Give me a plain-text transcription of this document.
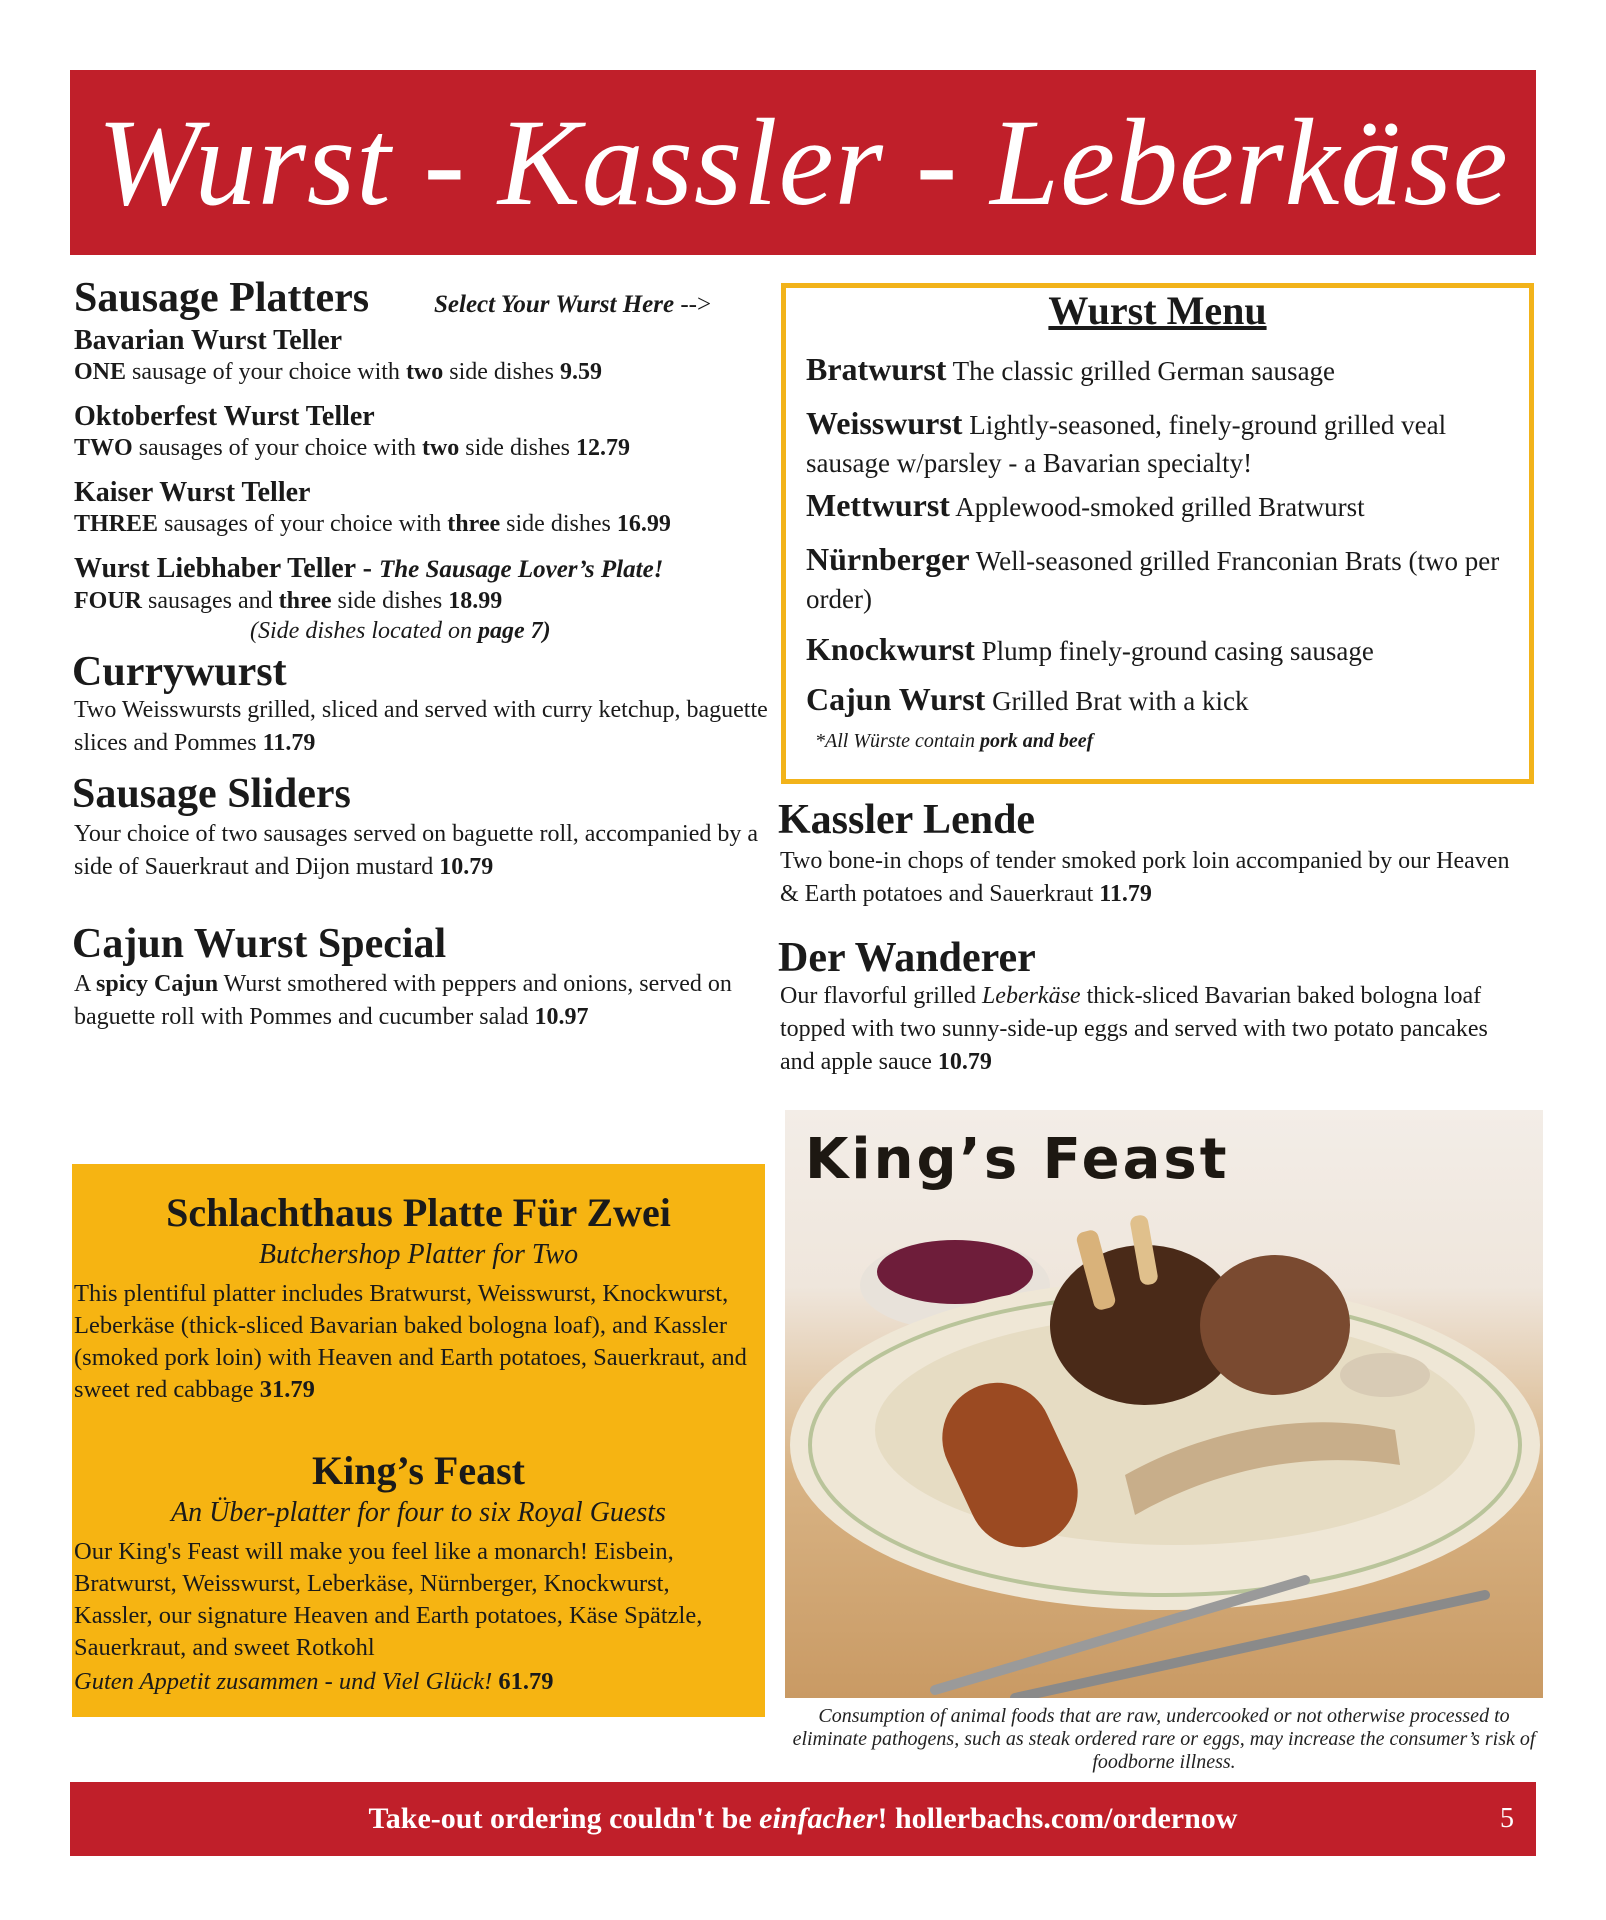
Wurst - Kassler - Leberkäse
Sausage Platters	Select Your Wurst Here -->
Bavarian Wurst Teller
ONE sausage of your choice with two side dishes 9.59
Oktoberfest Wurst Teller
TWO sausages of your choice with two side dishes 12.79
Kaiser Wurst Teller
THREE sausages of your choice with three side dishes 16.99
Wurst Liebhaber Teller - The Sausage Lover’s Plate!
FOUR sausages and three side dishes 18.99
(Side dishes located on page 7)
Currywurst
Two Weisswursts grilled, sliced and served with curry ketchup, baguette slices and Pommes 11.79
Sausage Sliders
Your choice of two sausages served on baguette roll, accompanied by a side of Sauerkraut and Dijon mustard 10.79
Cajun Wurst Special
A spicy Cajun Wurst smothered with peppers and onions, served on baguette roll with Pommes and cucumber salad 10.97
Wurst Menu
Bratwurst The classic grilled German sausage
Weisswurst Lightly-seasoned, finely-ground grilled veal sausage w/parsley - a Bavarian specialty!
Mettwurst Applewood-smoked grilled Bratwurst
Nürnberger Well-seasoned grilled Franconian Brats (two per order)
Knockwurst Plump finely-ground casing sausage
Cajun Wurst Grilled Brat with a kick
*All Würste contain pork and beef
Kassler Lende
Two bone-in chops of tender smoked pork loin accompanied by our Heaven & Earth potatoes and Sauerkraut 11.79
Der Wanderer
Our flavorful grilled Leberkäse thick-sliced Bavarian baked bologna loaf topped with two sunny-side-up eggs and served with two potato pancakes and apple sauce 10.79
Schlachthaus Platte Für Zwei
Butchershop Platter for Two
This plentiful platter includes Bratwurst, Weisswurst, Knockwurst, Leberkäse (thick-sliced Bavarian baked bologna loaf), and Kassler (smoked pork loin) with Heaven and Earth potatoes, Sauerkraut, and sweet red cabbage 31.79
King’s Feast
An Über-platter for four to six Royal Guests
Our King's Feast will make you feel like a monarch! Eisbein, Bratwurst, Weisswurst, Leberkäse, Nürnberger, Knockwurst, Kassler, our signature Heaven and Earth potatoes, Käse Spätzle, Sauerkraut, and sweet Rotkohl
Guten Appetit zusammen - und Viel Glück! 61.79
King’s Feast
Consumption of animal foods that are raw, undercooked or not otherwise processed to eliminate pathogens, such as steak ordered rare or eggs, may increase the consumer’s risk of foodborne illness.
Take-out ordering couldn't be einfacher! hollerbachs.com/ordernow	5
